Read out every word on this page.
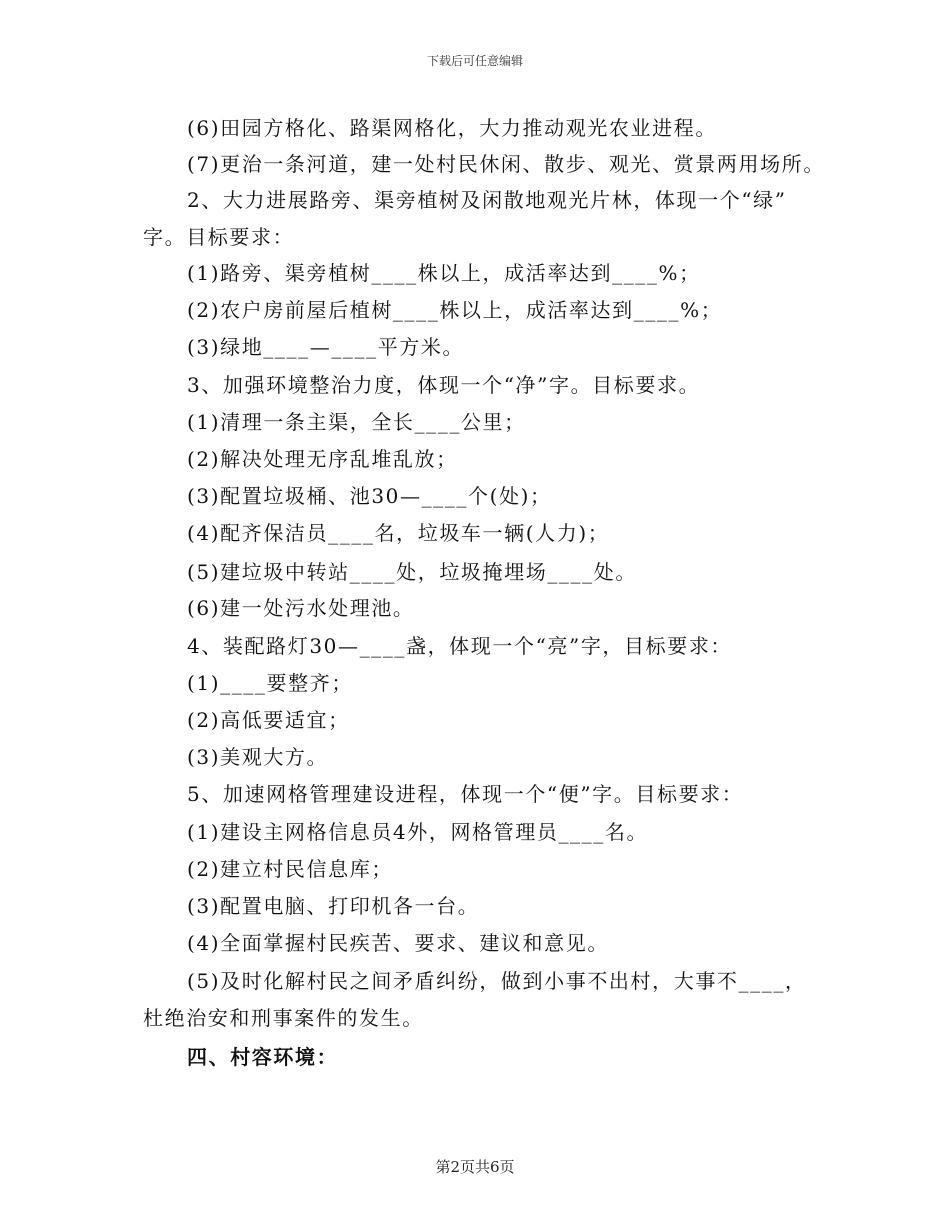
下载后可任意编辑
(6)田园方格化、路渠网格化，大力推动观光农业进程。
(7)更治一条河道，建一处村民休闲、散步、观光、赏景两用场所。
2、大力进展路旁、渠旁植树及闲散地观光片林，体现一个“绿”
字。目标要求：
(1)路旁、渠旁植树____株以上，成活率达到____%；
(2)农户房前屋后植树____株以上，成活率达到____%；
(3)绿地____—____平方米。
3、加强环境整治力度，体现一个“净”字。目标要求。
(1)清理一条主渠，全长____公里；
(2)解决处理无序乱堆乱放；
(3)配置垃圾桶、池30—____个(处)；
(4)配齐保洁员____名，垃圾车一辆(人力)；
(5)建垃圾中转站____处，垃圾掩埋场____处。
(6)建一处污水处理池。
4、装配路灯30—____盏，体现一个“亮”字，目标要求：
(1)____要整齐；
(2)高低要适宜；
(3)美观大方。
5、加速网格管理建设进程，体现一个“便”字。目标要求：
(1)建设主网格信息员4外，网格管理员____名。
(2)建立村民信息库；
(3)配置电脑、打印机各一台。
(4)全面掌握村民疾苦、要求、建议和意见。
(5)及时化解村民之间矛盾纠纷，做到小事不出村，大事不____，
杜绝治安和刑事案件的发生。
四、村容环境：
第2页共6页
